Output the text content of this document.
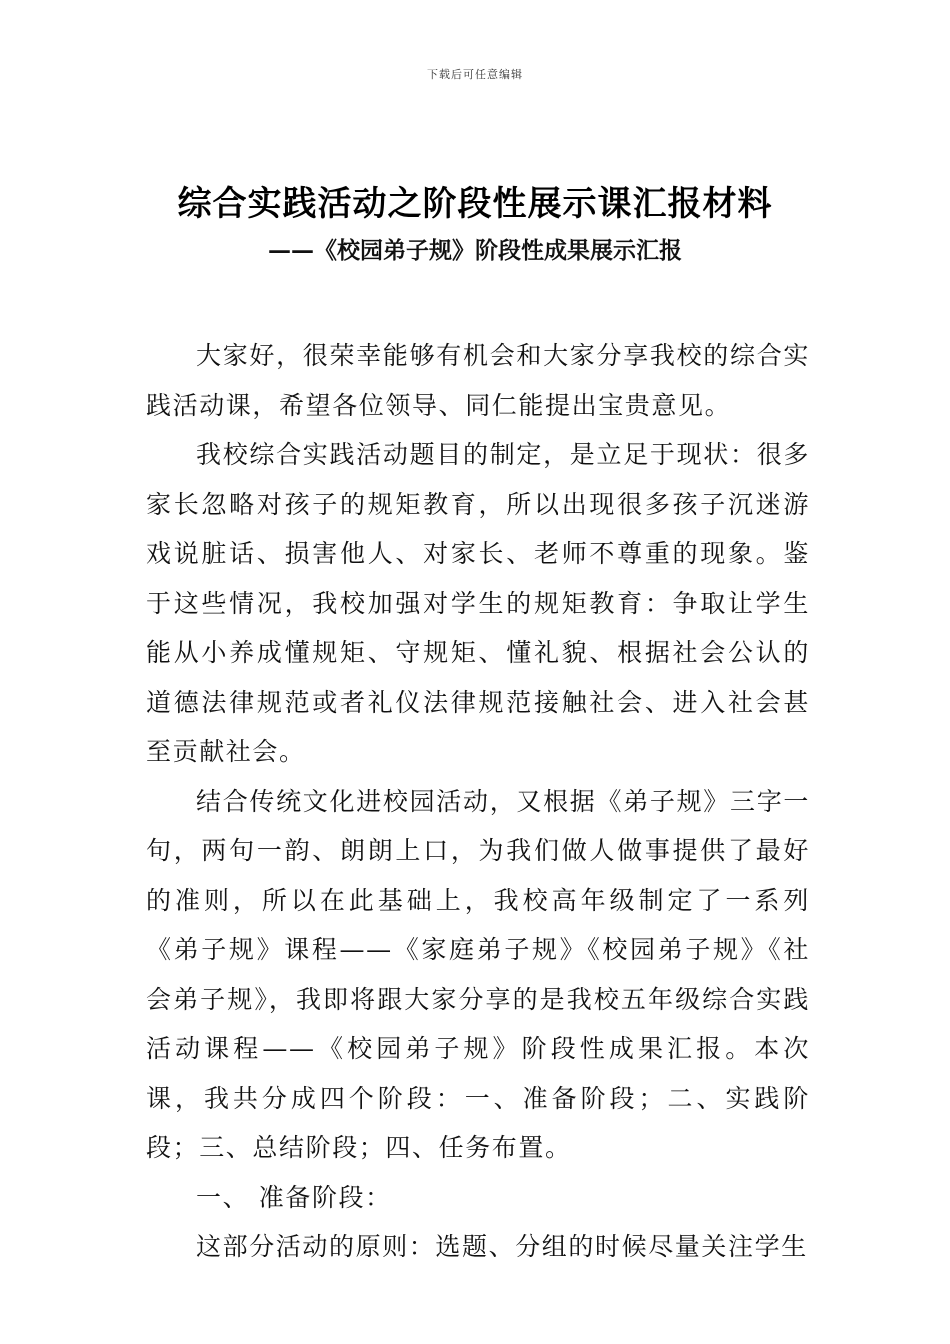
下载后可任意编辑
综合实践活动之阶段性展示课汇报材料
——《校园弟子规》阶段性成果展示汇报

大家好，很荣幸能够有机会和大家分享我校的综合实践活动课，希望各位领导、同仁能提出宝贵意见。

我校综合实践活动题目的制定，是立足于现状：很多家长忽略对孩子的规矩教育，所以出现很多孩子沉迷游戏说脏话、损害他人、对家长、老师不尊重的现象。鉴于这些情况，我校加强对学生的规矩教育：争取让学生能从小养成懂规矩、守规矩、懂礼貌、根据社会公认的道德法律规范或者礼仪法律规范接触社会、进入社会甚至贡献社会。

结合传统文化进校园活动，又根据《弟子规》三字一句，两句一韵、朗朗上口，为我们做人做事提供了最好的准则，所以在此基础上，我校高年级制定了一系列《弟子规》课程——《家庭弟子规》《校园弟子规》《社会弟子规》，我即将跟大家分享的是我校五年级综合实践活动课程——《校园弟子规》阶段性成果汇报。本次课，我共分成四个阶段：一、准备阶段；二、实践阶段；三、总结阶段；四、任务布置。

一、 准备阶段：

这部分活动的原则：选题、分组的时候尽量关注学生
